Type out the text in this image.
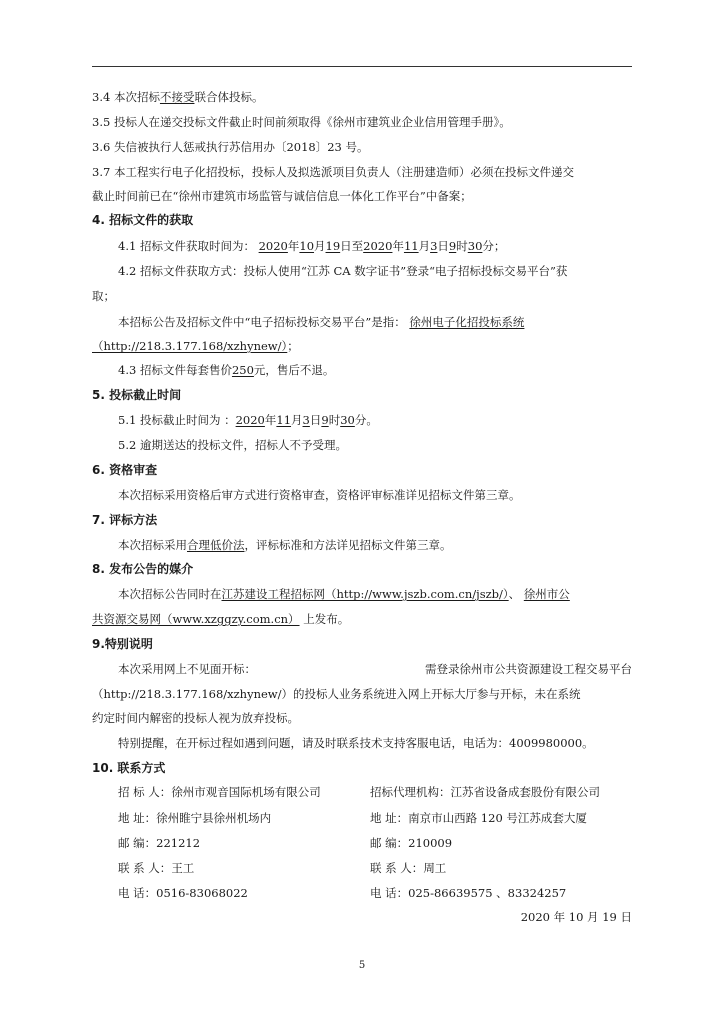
3.4 本次招标不接受联合体投标。
3.5 投标人在递交投标文件截止时间前须取得《徐州市建筑业企业信用管理手册》。
3.6 失信被执行人惩戒执行苏信用办〔2018〕23 号。
3.7 本工程实行电子化招投标，投标人及拟选派项目负责人（注册建造师）必须在投标文件递交
截止时间前已在“徐州市建筑市场监管与诚信信息一体化工作平台”中备案；
4. 招标文件的获取
4.1 招标文件获取时间为： 2020年10月19日至2020年11月3日9时30分；
4.2 招标文件获取方式：投标人使用“江苏 CA 数字证书”登录“电子招标投标交易平台”获
取；
本招标公告及招标文件中“电子招标投标交易平台”是指： 徐州电子化招投标系统
（http://218.3.177.168/xzhynew/）；
4.3 招标文件每套售价250元，售后不退。
5. 投标截止时间
5.1 投标截止时间为 ：2020年11月3日9时30分。
5.2 逾期送达的投标文件，招标人不予受理。
6. 资格审查
本次招标采用资格后审方式进行资格审查，资格评审标准详见招标文件第三章。
7. 评标方法
本次招标采用合理低价法，评标标准和方法详见招标文件第三章。
8. 发布公告的媒介
本次招标公告同时在江苏建设工程招标网（http://www.jszb.com.cn/jszb/）、 徐州市公
共资源交易网（www.xzggzy.com.cn） 上发布。
9.特别说明
本次采用网上不见面开标：	需登录徐州市公共资源建设工程交易平台
（http://218.3.177.168/xzhynew/）的投标人业务系统进入网上开标大厅参与开标，未在系统
约定时间内解密的投标人视为放弃投标。
特别提醒，在开标过程如遇到问题，请及时联系技术支持客服电话，电话为：4009980000。
10. 联系方式
招 标 人：徐州市观音国际机场有限公司	招标代理机构：江苏省设备成套股份有限公司
地 址：徐州睢宁县徐州机场内	地 址：南京市山西路 120 号江苏成套大厦
邮 编：221212	邮 编：210009
联 系 人：王工	联 系 人：周工
电 话：0516-83068022	电 话：025-86639575 、83324257
2020 年 10 月 19 日
5
